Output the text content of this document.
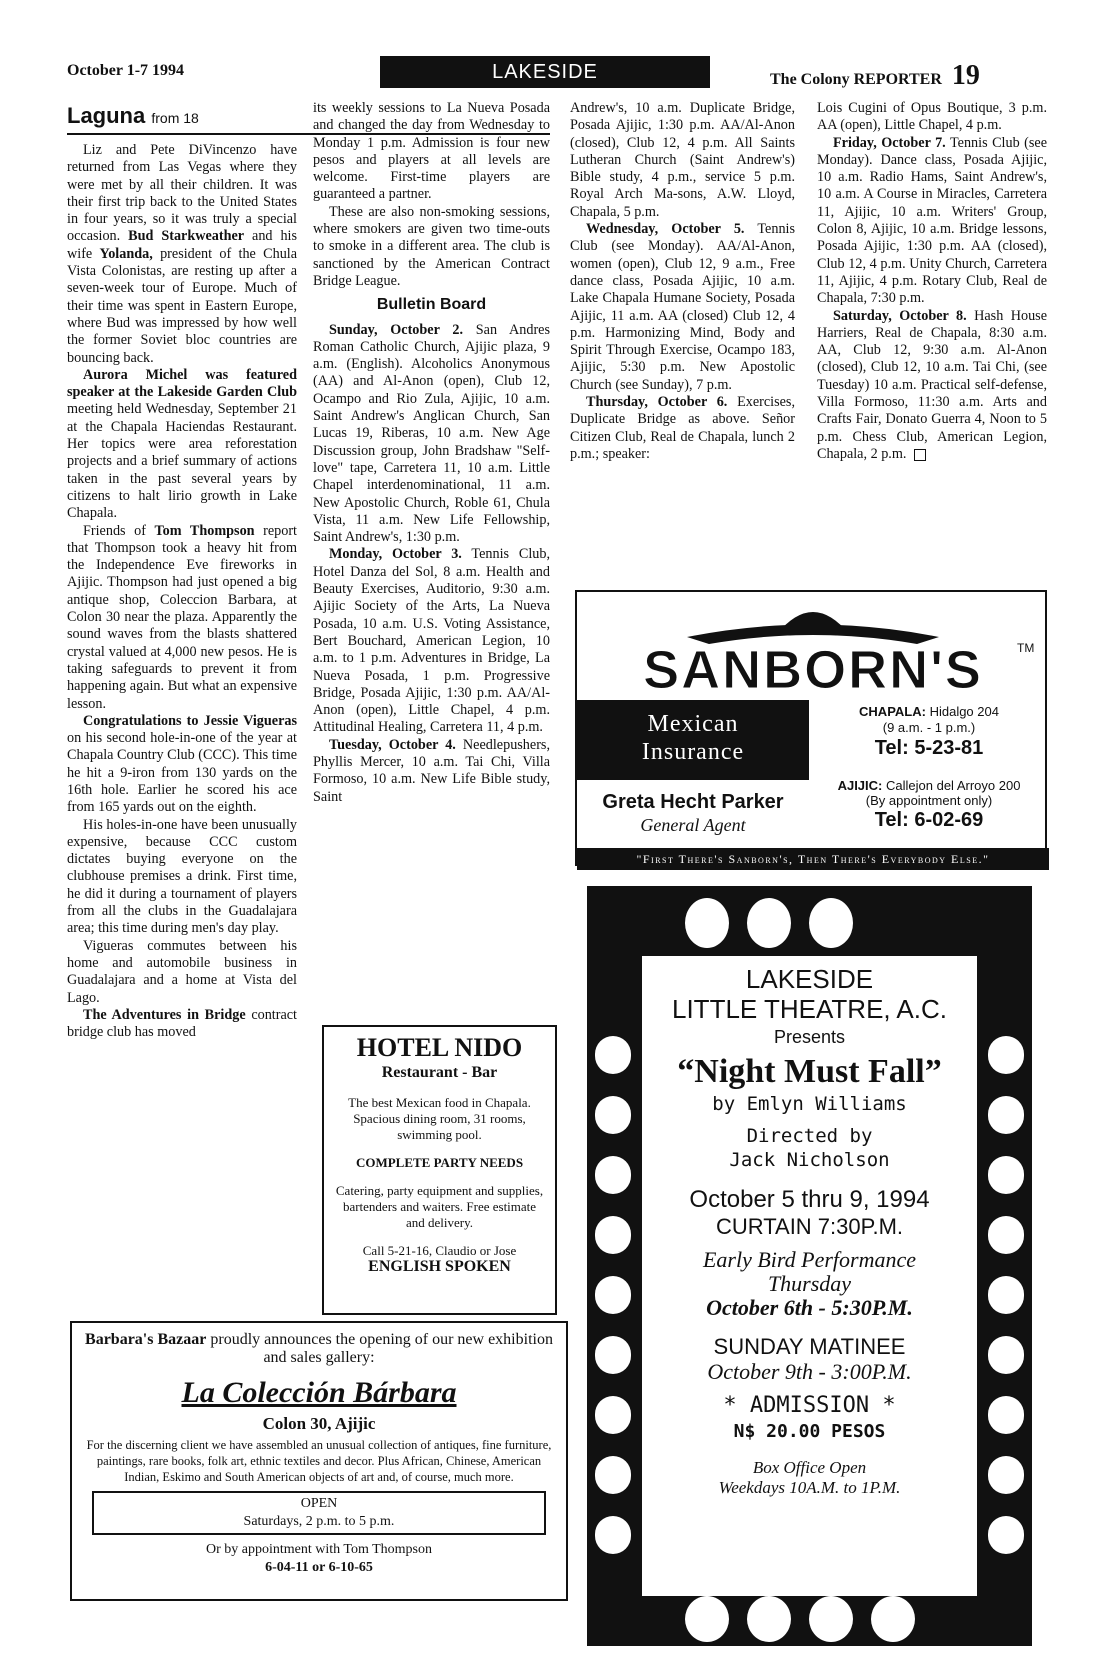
October 1-7 1994	LAKESIDE	The Colony REPORTER 19
Laguna from 18

Liz and Pete DiVincenzo have returned from Las Vegas where they were met by all their children. It was their first trip back to the United States in four years, so it was truly a special occasion. Bud Starkweather and his wife Yolanda, president of the Chula Vista Colonistas, are resting up after a seven-week tour of Europe. Much of their time was spent in Eastern Europe, where Bud was impressed by how well the former Soviet bloc countries are bouncing back.

Aurora Michel was featured speaker at the Lakeside Garden Club meeting held Wednesday, September 21 at the Chapala Haciendas Restaurant. Her topics were area reforestation projects and a brief summary of actions taken in the past several years by citizens to halt lirio growth in Lake Chapala.

Friends of Tom Thompson report that Thompson took a heavy hit from the Independence Eve fireworks in Ajijic. Thompson had just opened a big antique shop, Coleccion Barbara, at Colon 30 near the plaza. Apparently the sound waves from the blasts shattered crystal valued at 4,000 new pesos. He is taking safeguards to prevent it from happening again. But what an expensive lesson.

Congratulations to Jessie Vigueras on his second hole-in-one of the year at Chapala Country Club (CCC). This time he hit a 9-iron from 130 yards on the 16th hole. Earlier he scored his ace from 165 yards out on the eighth.

His holes-in-one have been unusually expensive, because CCC custom dictates buying everyone on the clubhouse premises a drink. First time, he did it during a tournament of players from all the clubs in the Guadalajara area; this time during men's day play.

Vigueras commutes between his home and automobile business in Guadalajara and a home at Vista del Lago.

The Adventures in Bridge contract bridge club has moved

its weekly sessions to La Nueva Posada and changed the day from Wednesday to Monday 1 p.m. Admission is four new pesos and players at all levels are welcome. First-time players are guaranteed a partner.

These are also non-smoking sessions, where smokers are given two time-outs to smoke in a different area. The club is sanctioned by the American Contract Bridge League.

Bulletin Board

Sunday, October 2. San Andres Roman Catholic Church, Ajijic plaza, 9 a.m. (English). Alcoholics Anonymous (AA) and Al-Anon (open), Club 12, Ocampo and Rio Zula, Ajijic, 10 a.m. Saint Andrew's Anglican Church, San Lucas 19, Riberas, 10 a.m. New Age Discussion group, John Bradshaw "Self-love" tape, Carretera 11, 10 a.m. Little Chapel interdenominational, 11 a.m. New Apostolic Church, Roble 61, Chula Vista, 11 a.m. New Life Fellowship, Saint Andrew's, 1:30 p.m.

Monday, October 3. Tennis Club, Hotel Danza del Sol, 8 a.m. Health and Beauty Exercises, Auditorio, 9:30 a.m. Ajijic Society of the Arts, La Nueva Posada, 10 a.m. U.S. Voting Assistance, Bert Bouchard, American Legion, 10 a.m. to 1 p.m. Adventures in Bridge, La Nueva Posada, 1 p.m. Progressive Bridge, Posada Ajijic, 1:30 p.m. AA/Al-Anon (open), Little Chapel, 4 p.m. Attitudinal Healing, Carretera 11, 4 p.m.

Tuesday, October 4. Needlepushers, Phyllis Mercer, 10 a.m. Tai Chi, Villa Formoso, 10 a.m. New Life Bible study, Saint

Andrew's, 10 a.m. Duplicate Bridge, Posada Ajijic, 1:30 p.m. AA/Al-Anon (closed), Club 12, 4 p.m. All Saints Lutheran Church (Saint Andrew's) Bible study, 4 p.m., service 5 p.m. Royal Arch Ma-sons, A.W. Lloyd, Chapala, 5 p.m.

Wednesday, October 5. Tennis Club (see Monday). AA/Al-Anon, women (open), Club 12, 9 a.m., Free dance class, Posada Ajijic, 10 a.m. Lake Chapala Humane Society, Posada Ajijic, 11 a.m. AA (closed) Club 12, 4 p.m. Harmonizing Mind, Body and Spirit Through Exercise, Ocampo 183, Ajijic, 5:30 p.m. New Apostolic Church (see Sunday), 7 p.m.

Thursday, October 6. Exercises, Duplicate Bridge as above. Señor Citizen Club, Real de Chapala, lunch 2 p.m.; speaker:

Lois Cugini of Opus Boutique, 3 p.m. AA (open), Little Chapel, 4 p.m.

Friday, October 7. Tennis Club (see Monday). Dance class, Posada Ajijic, 10 a.m. Radio Hams, Saint Andrew's, 10 a.m. A Course in Miracles, Carretera 11, Ajijic, 10 a.m. Writers' Group, Colon 8, Ajijic, 10 a.m. Bridge lessons, Posada Ajijic, 1:30 p.m. AA (closed), Club 12, 4 p.m. Unity Church, Carretera 11, Ajijic, 4 p.m. Rotary Club, Real de Chapala, 7:30 p.m.

Saturday, October 8. Hash House Harriers, Real de Chapala, 8:30 a.m. AA, Club 12, 9:30 a.m. Al-Anon (closed), Club 12, 10 a.m. Tai Chi, (see Tuesday) 10 a.m. Practical self-defense, Villa Formoso, 11:30 a.m. Arts and Crafts Fair, Donato Guerra 4, Noon to 5 p.m. Chess Club, American Legion, Chapala, 2 p.m.

HOTEL NIDO
Restaurant - Bar
The best Mexican food in Chapala. Spacious dining room, 31 rooms, swimming pool.
COMPLETE PARTY NEEDS
Catering, party equipment and supplies, bartenders and waiters. Free estimate and delivery.
Call 5-21-16, Claudio or Jose
ENGLISH SPOKEN
Barbara's Bazaar proudly announces the opening of our new exhibition and sales gallery:
La Colección Bárbara
Colon 30, Ajijic
For the discerning client we have assembled an unusual collection of antiques, fine furniture, paintings, rare books, folk art, ethnic textiles and decor. Plus African, Chinese, American Indian, Eskimo and South American objects of art and, of course, much more.
OPEN
Saturdays, 2 p.m. to 5 p.m.
Or by appointment with Tom Thompson
6-04-11 or 6-10-65
SANBORN'S	TM
Mexican
Insurance
CHAPALA: Hidalgo 204
(9 a.m. - 1 p.m.)
Tel: 5-23-81
Greta Hecht Parker
General Agent
AJIJIC: Callejon del Arroyo 200
(By appointment only)
Tel: 6-02-69
"First There's Sanborn's, Then There's Everybody Else."
LAKESIDE
LITTLE THEATRE, A.C.
Presents
“Night Must Fall”
by Emlyn Williams
Directed by
Jack Nicholson
October 5 thru 9, 1994
CURTAIN 7:30P.M.
Early Bird Performance
Thursday
October 6th - 5:30P.M.
SUNDAY MATINEE
October 9th - 3:00P.M.
* ADMISSION *
N$ 20.00 PESOS
Box Office Open
Weekdays 10A.M. to 1P.M.
